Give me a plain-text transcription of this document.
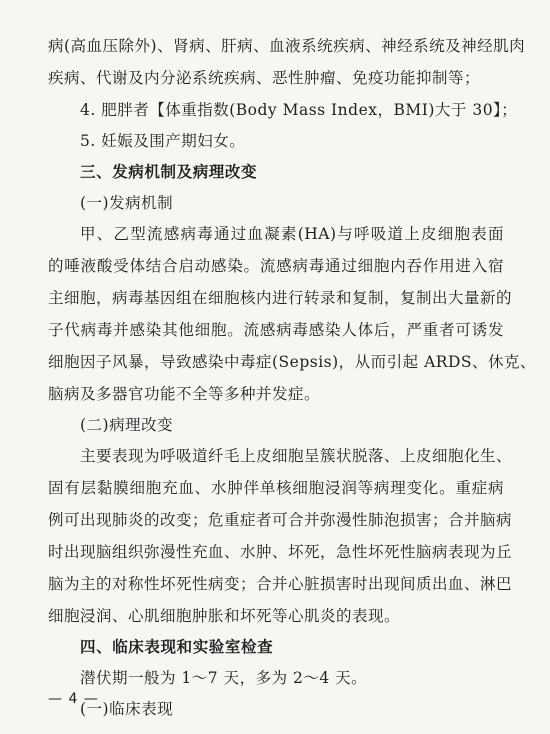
病(高血压除外)、肾病、肝病、血液系统疾病、神经系统及神经肌肉
疾病、代谢及内分泌系统疾病、恶性肿瘤、免疫功能抑制等；
4. 肥胖者【体重指数(Body Mass Index，BMI)大于 30】；
5. 妊娠及围产期妇女。
三、发病机制及病理改变
(一)发病机制
甲、乙型流感病毒通过血凝素(HA)与呼吸道上皮细胞表面
的唾液酸受体结合启动感染。流感病毒通过细胞内吞作用进入宿
主细胞，病毒基因组在细胞核内进行转录和复制，复制出大量新的
子代病毒并感染其他细胞。流感病毒感染人体后，严重者可诱发
细胞因子风暴，导致感染中毒症(Sepsis)，从而引起 ARDS、休克、
脑病及多器官功能不全等多种并发症。
(二)病理改变
主要表现为呼吸道纤毛上皮细胞呈簇状脱落、上皮细胞化生、
固有层黏膜细胞充血、水肿伴单核细胞浸润等病理变化。重症病
例可出现肺炎的改变；危重症者可合并弥漫性肺泡损害；合并脑病
时出现脑组织弥漫性充血、水肿、坏死，急性坏死性脑病表现为丘
脑为主的对称性坏死性病变；合并心脏损害时出现间质出血、淋巴
细胞浸润、心肌细胞肿胀和坏死等心肌炎的表现。
四、临床表现和实验室检查
潜伏期一般为 1～7 天，多为 2～4 天。
(一)临床表现
— 4 —
